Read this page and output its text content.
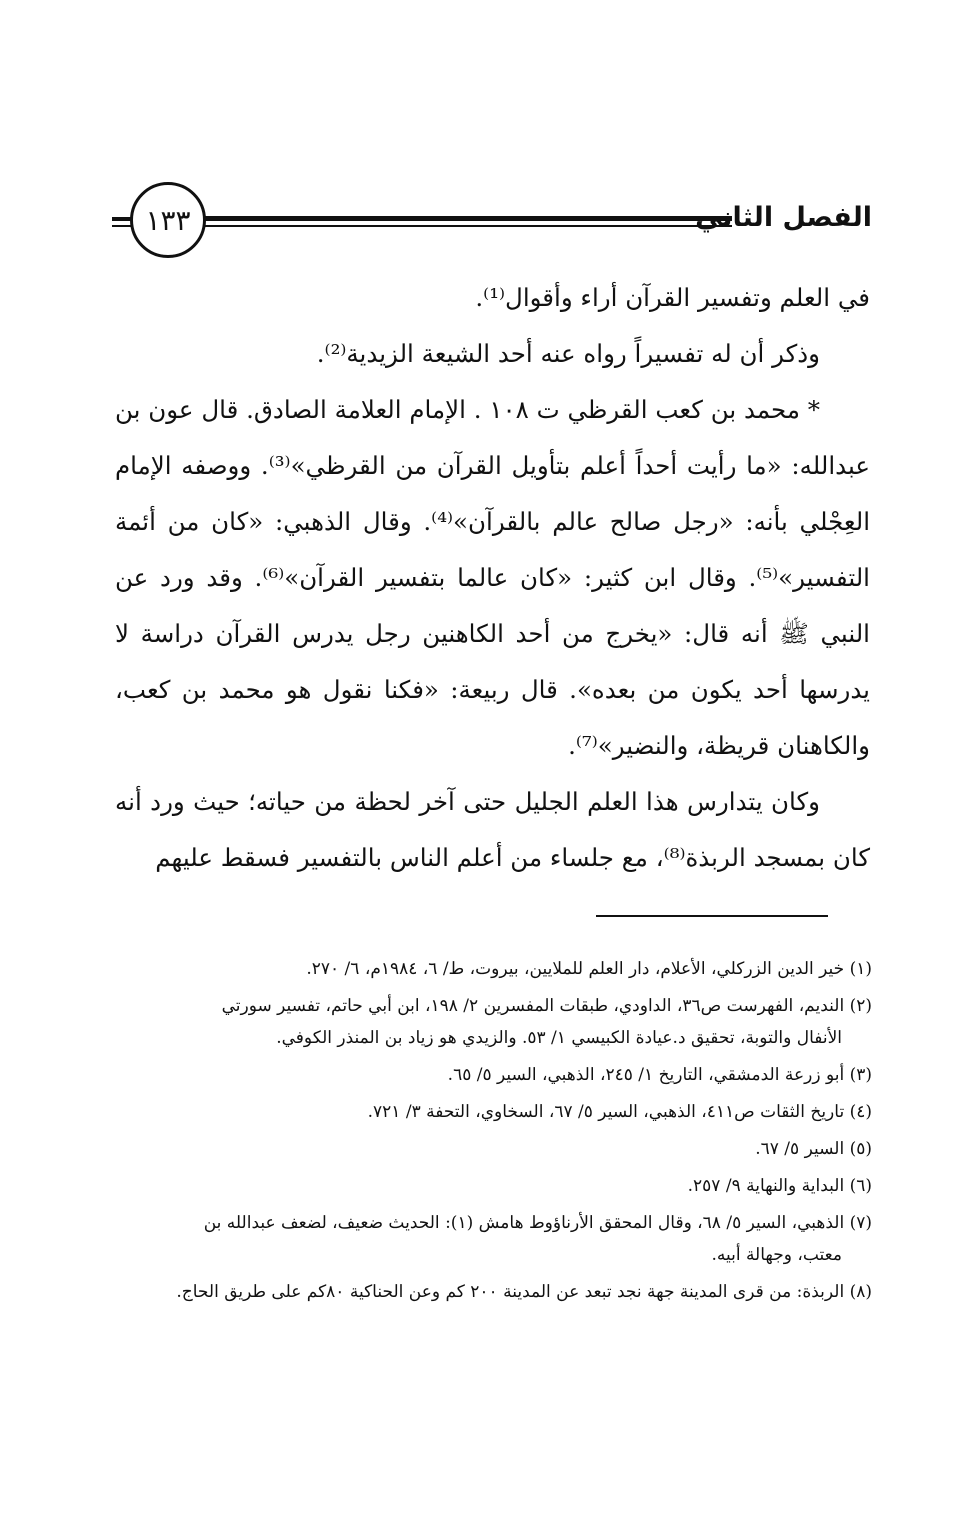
الفصل الثاني
١٣٣

في العلم وتفسير القرآن أراء وأقوال⁽¹⁾.

وذكر أن له تفسيراً رواه عنه أحد الشيعة الزيدية⁽²⁾.

* محمد بن كعب القرظي ت ١٠٨ . الإمام العلامة الصادق. قال عون بن عبدالله: «ما رأيت أحداً أعلم بتأويل القرآن من القرظي»⁽³⁾. ووصفه الإمام العِجْلي بأنه: «رجل صالح عالم بالقرآن»⁽⁴⁾. وقال الذهبي: «كان من أئمة التفسير»⁽⁵⁾. وقال ابن كثير: «كان عالما بتفسير القرآن»⁽⁶⁾. وقد ورد عن النبي ﷺ أنه قال: «يخرج من أحد الكاهنين رجل يدرس القرآن دراسة لا يدرسها أحد يكون من بعده». قال ربيعة: «فكنا نقول هو محمد بن كعب، والكاهنان قريظة، والنضير»⁽⁷⁾.

وكان يتدارس هذا العلم الجليل حتى آخر لحظة من حياته؛ حيث ورد أنه كان بمسجد الربذة⁽⁸⁾، مع جلساء من أعلم الناس بالتفسير فسقط عليهم

(١) خير الدين الزركلي، الأعلام، دار العلم للملايين، بيروت، ط/ ٦، ١٩٨٤م، ٦/ ٢٧٠.

(٢) النديم، الفهرست ص٣٦، الداودي، طبقات المفسرين ٢/ ١٩٨، ابن أبي حاتم، تفسير سورتي
الأنفال والتوبة، تحقيق د.عيادة الكبيسي ١/ ٥٣. والزيدي هو زياد بن المنذر الكوفي.

(٣) أبو زرعة الدمشقي، التاريخ ١/ ٢٤٥، الذهبي، السير ٥/ ٦٥.

(٤) تاريخ الثقات ص٤١١، الذهبي، السير ٥/ ٦٧، السخاوي، التحفة ٣/ ٧٢١.

(٥) السير ٥/ ٦٧.

(٦) البداية والنهاية ٩/ ٢٥٧.

(٧) الذهبي، السير ٥/ ٦٨، وقال المحقق الأرناؤوط هامش (١): الحديث ضعيف، لضعف عبدالله بن
معتب، وجهالة أبيه.

(٨) الربذة: من قرى المدينة جهة نجد تبعد عن المدينة ٢٠٠ كم وعن الحناكية ٨٠كم على طريق الحاج.
